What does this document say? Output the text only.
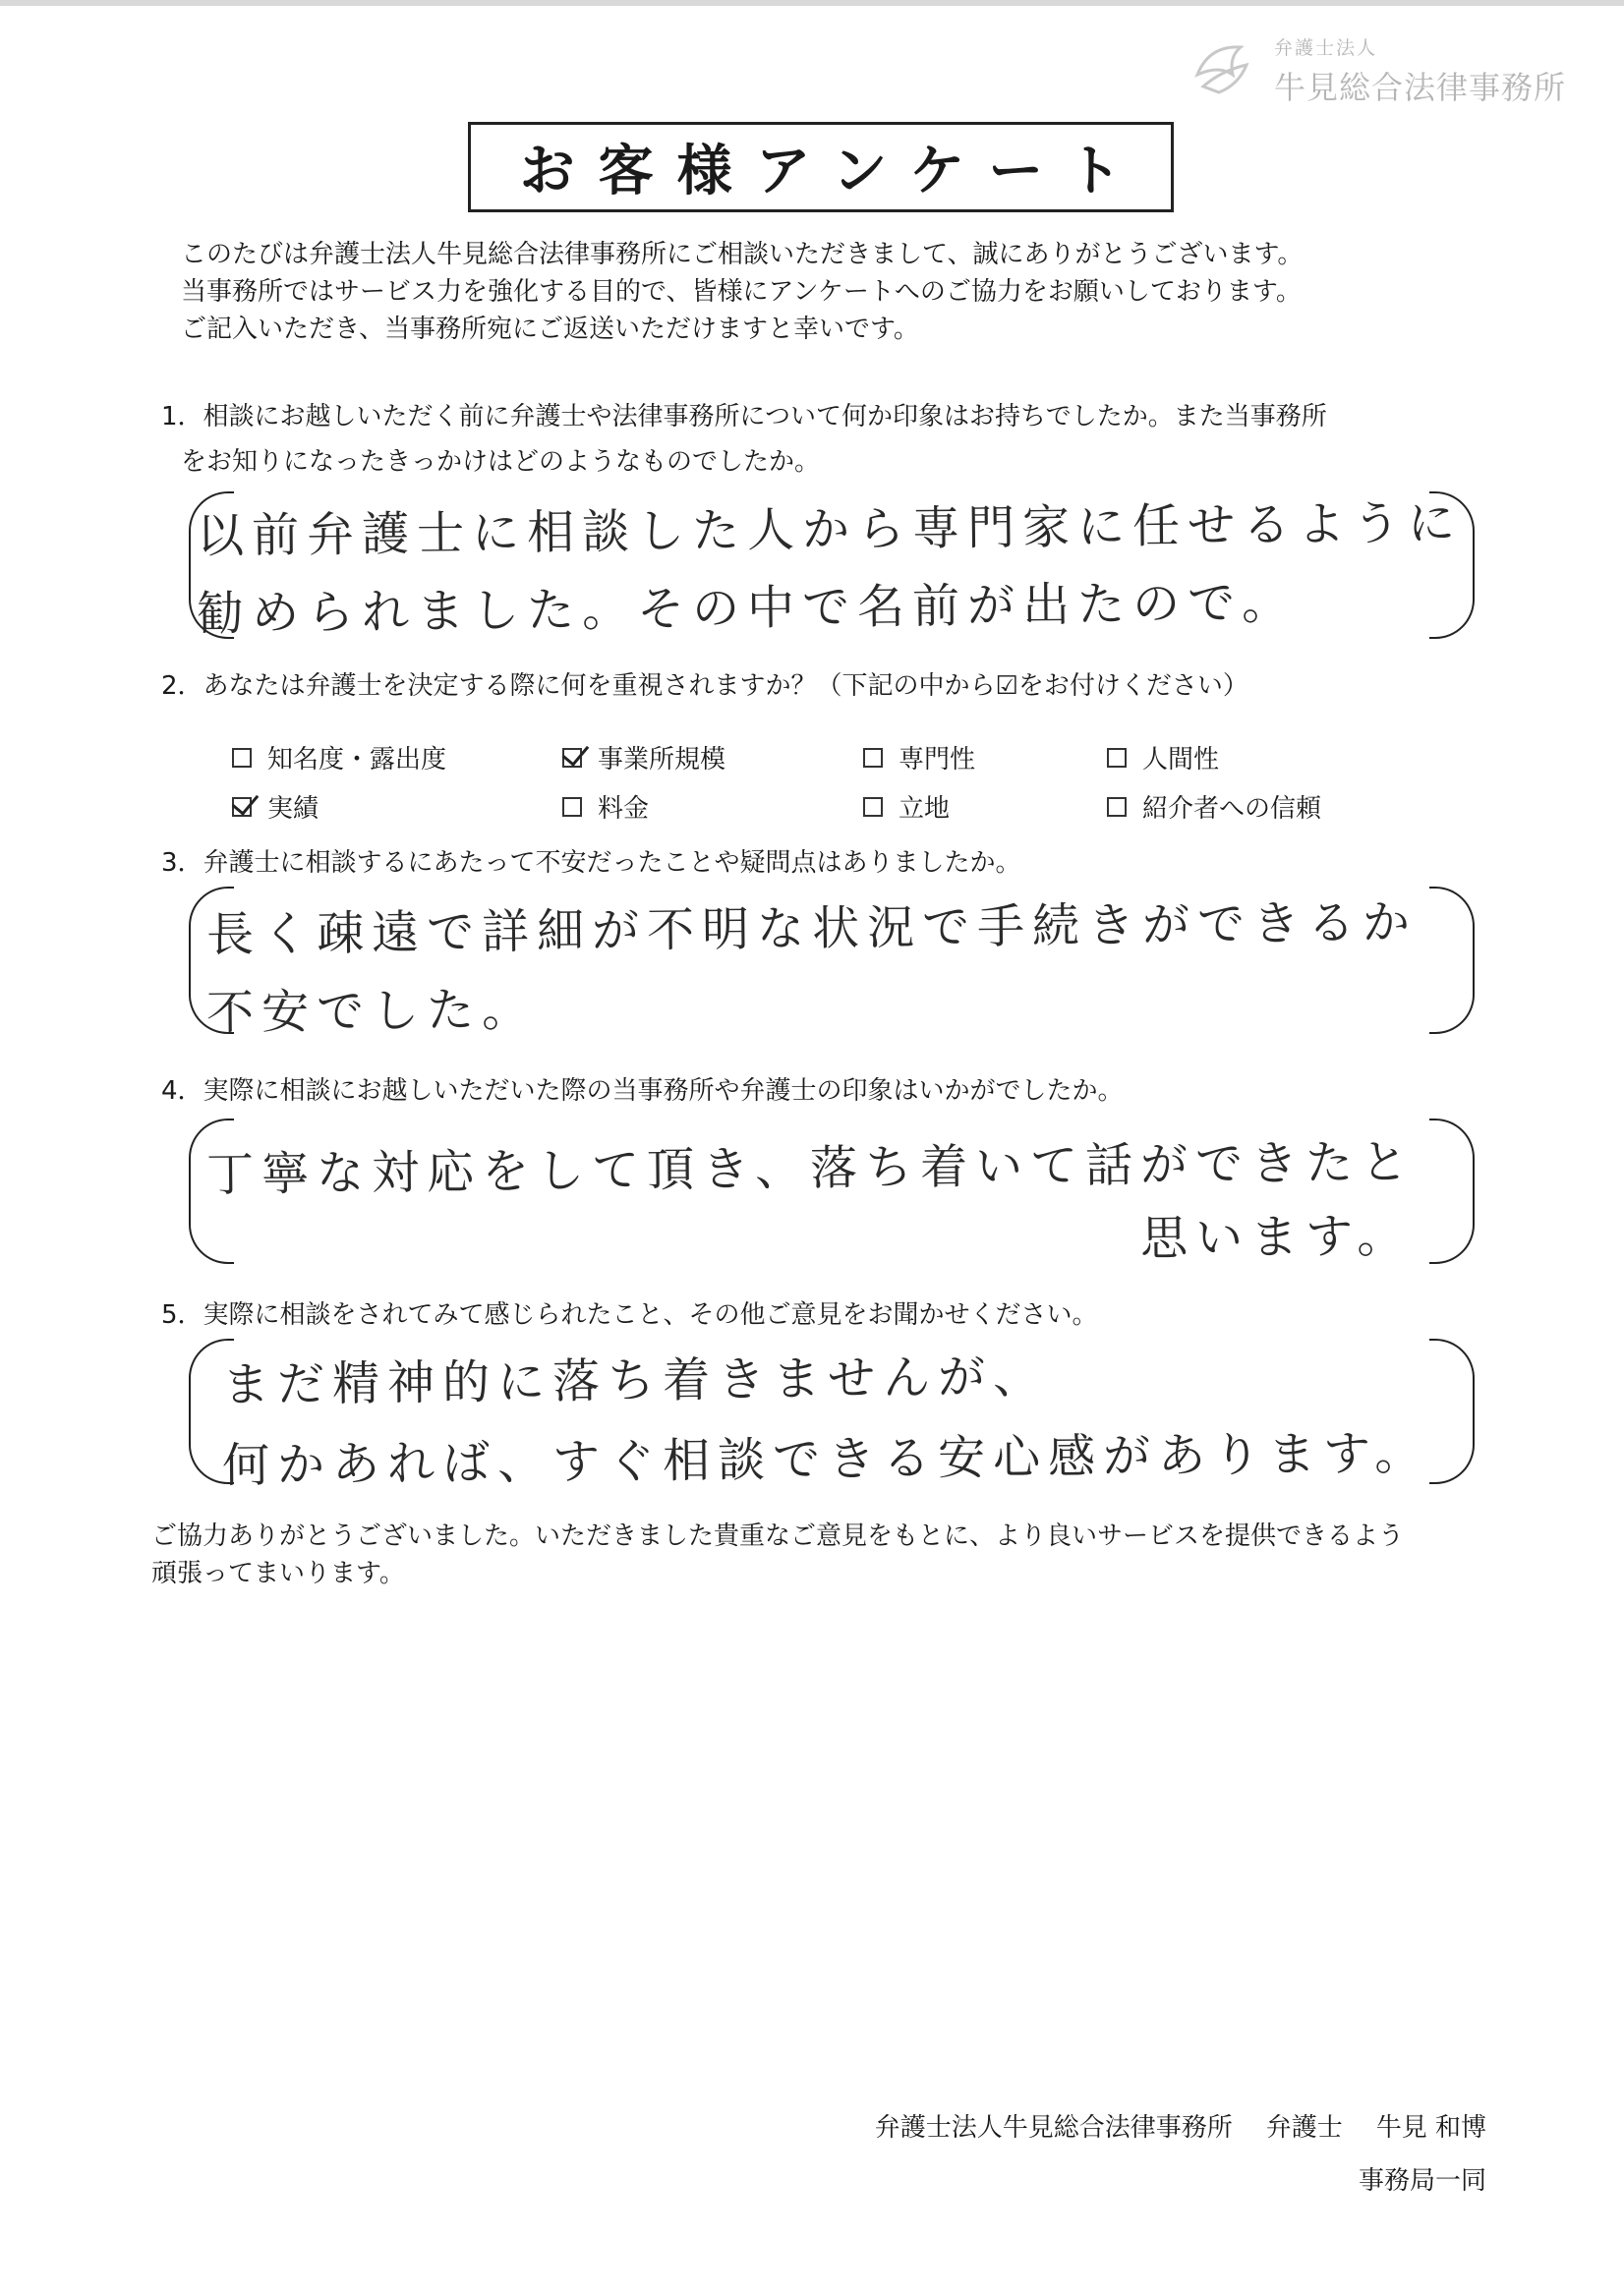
弁護士法人
牛見総合法律事務所
お客様アンケート
このたびは弁護士法人牛見総合法律事務所にご相談いただきまして、誠にありがとうございます。
当事務所ではサービス力を強化する目的で、皆様にアンケートへのご協力をお願いしております。
ご記入いただき、当事務所宛にご返送いただけますと幸いです。
1．相談にお越しいただく前に弁護士や法律事務所について何か印象はお持ちでしたか。また当事務所
をお知りになったきっかけはどのようなものでしたか。
以前弁護士に相談した人から専門家に任せるように
勧められました。その中で名前が出たので。
2．あなたは弁護士を決定する際に何を重視されますか？（下記の中から☑をお付けください）
知名度・露出度	事業所規模	専門性	人間性
実績	料金	立地	紹介者への信頼
3．弁護士に相談するにあたって不安だったことや疑問点はありましたか。
長く疎遠で詳細が不明な状況で手続きができるか
不安でした。
4．実際に相談にお越しいただいた際の当事務所や弁護士の印象はいかがでしたか。
丁寧な対応をして頂き、落ち着いて話ができたと
思います。
5．実際に相談をされてみて感じられたこと、その他ご意見をお聞かせください。
まだ精神的に落ち着きませんが、
何かあれば、すぐ相談できる安心感があります。
ご協力ありがとうございました。いただきました貴重なご意見をもとに、より良いサービスを提供できるよう
頑張ってまいります。
弁護士法人牛見総合法律事務所 弁護士 牛見 和博
事務局一同
